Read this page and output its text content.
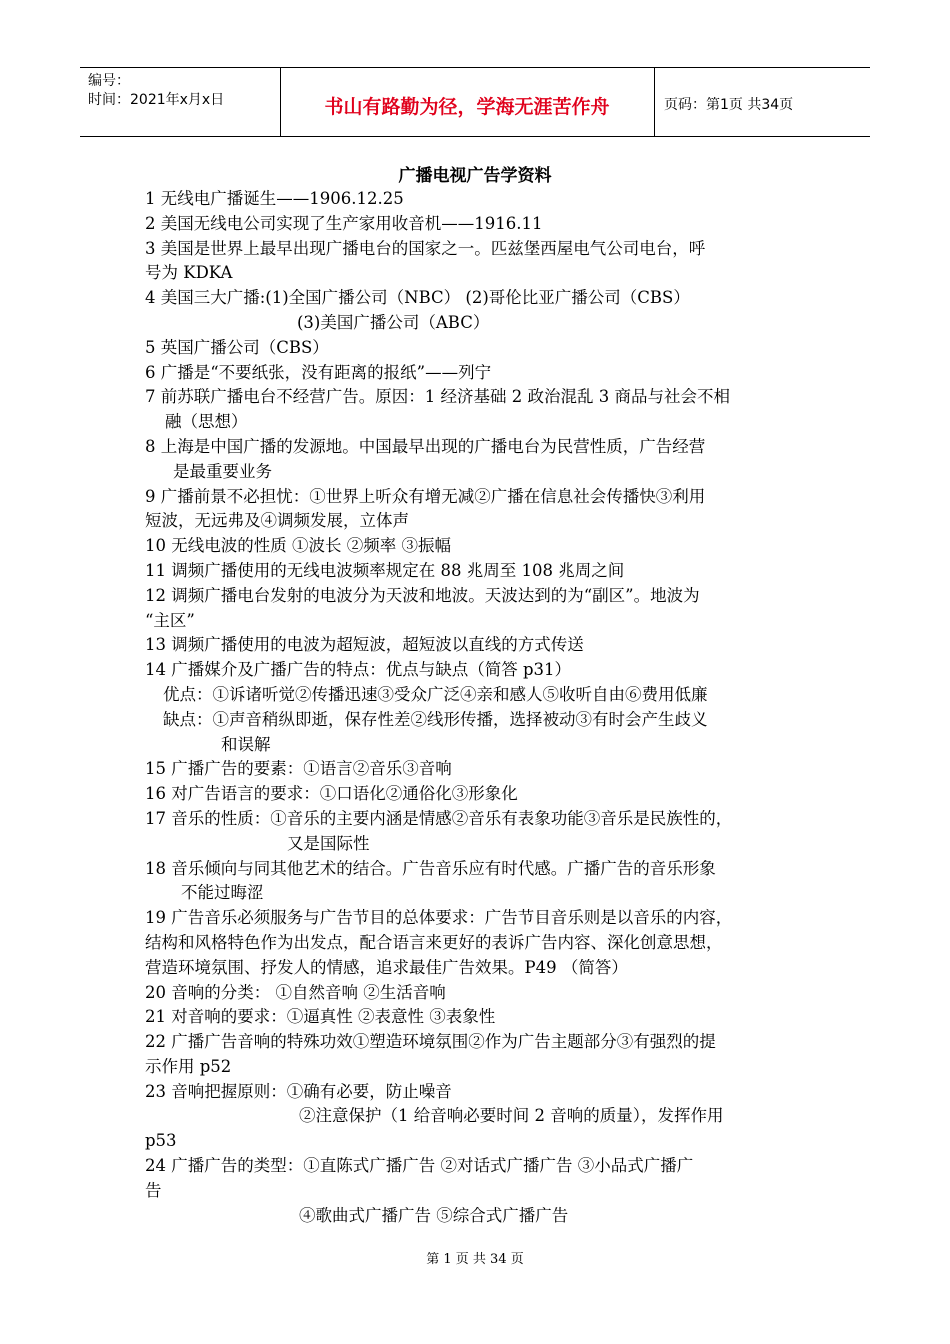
编号：
时间：2021年x月x日	书山有路勤为径，学海无涯苦作舟	页码：第1页 共34页
广播电视广告学资料
1 无线电广播诞生——1906.12.25
2 美国无线电公司实现了生产家用收音机——1916.11
3 美国是世界上最早出现广播电台的国家之一。匹兹堡西屋电气公司电台，呼
号为 KDKA
4 美国三大广播:(1)全国广播公司（NBC） (2)哥伦比亚广播公司（CBS）
(3)美国广播公司（ABC）
5 英国广播公司（CBS）
6 广播是“不要纸张，没有距离的报纸”——列宁
7 前苏联广播电台不经营广告。原因：1 经济基础 2 政治混乱 3 商品与社会不相
融（思想）
8 上海是中国广播的发源地。中国最早出现的广播电台为民营性质，广告经营
是最重要业务
9 广播前景不必担忧：①世界上听众有增无减②广播在信息社会传播快③利用
短波，无远弗及④调频发展，立体声
10 无线电波的性质 ①波长 ②频率 ③振幅
11 调频广播使用的无线电波频率规定在 88 兆周至 108 兆周之间
12 调频广播电台发射的电波分为天波和地波。天波达到的为“副区”。地波为
“主区”
13 调频广播使用的电波为超短波，超短波以直线的方式传送
14 广播媒介及广播广告的特点：优点与缺点（简答 p31）
优点：①诉诸听觉②传播迅速③受众广泛④亲和感人⑤收听自由⑥费用低廉
缺点：①声音稍纵即逝，保存性差②线形传播，选择被动③有时会产生歧义
和误解
15 广播广告的要素：①语言②音乐③音响
16 对广告语言的要求：①口语化②通俗化③形象化
17 音乐的性质：①音乐的主要内涵是情感②音乐有表象功能③音乐是民族性的，
又是国际性
18 音乐倾向与同其他艺术的结合。广告音乐应有时代感。广播广告的音乐形象
不能过晦涩
19 广告音乐必须服务与广告节目的总体要求：广告节目音乐则是以音乐的内容，
结构和风格特色作为出发点，配合语言来更好的表诉广告内容、深化创意思想，
营造环境氛围、抒发人的情感，追求最佳广告效果。P49 （简答）
20 音响的分类： ①自然音响 ②生活音响
21 对音响的要求：①逼真性 ②表意性 ③表象性
22 广播广告音响的特殊功效①塑造环境氛围②作为广告主题部分③有强烈的提
示作用 p52
23 音响把握原则：①确有必要，防止噪音
②注意保护（1 给音响必要时间 2 音响的质量），发挥作用
p53
24 广播广告的类型：①直陈式广播广告 ②对话式广播广告 ③小品式广播广
告
④歌曲式广播广告 ⑤综合式广播广告
第 1 页 共 34 页
